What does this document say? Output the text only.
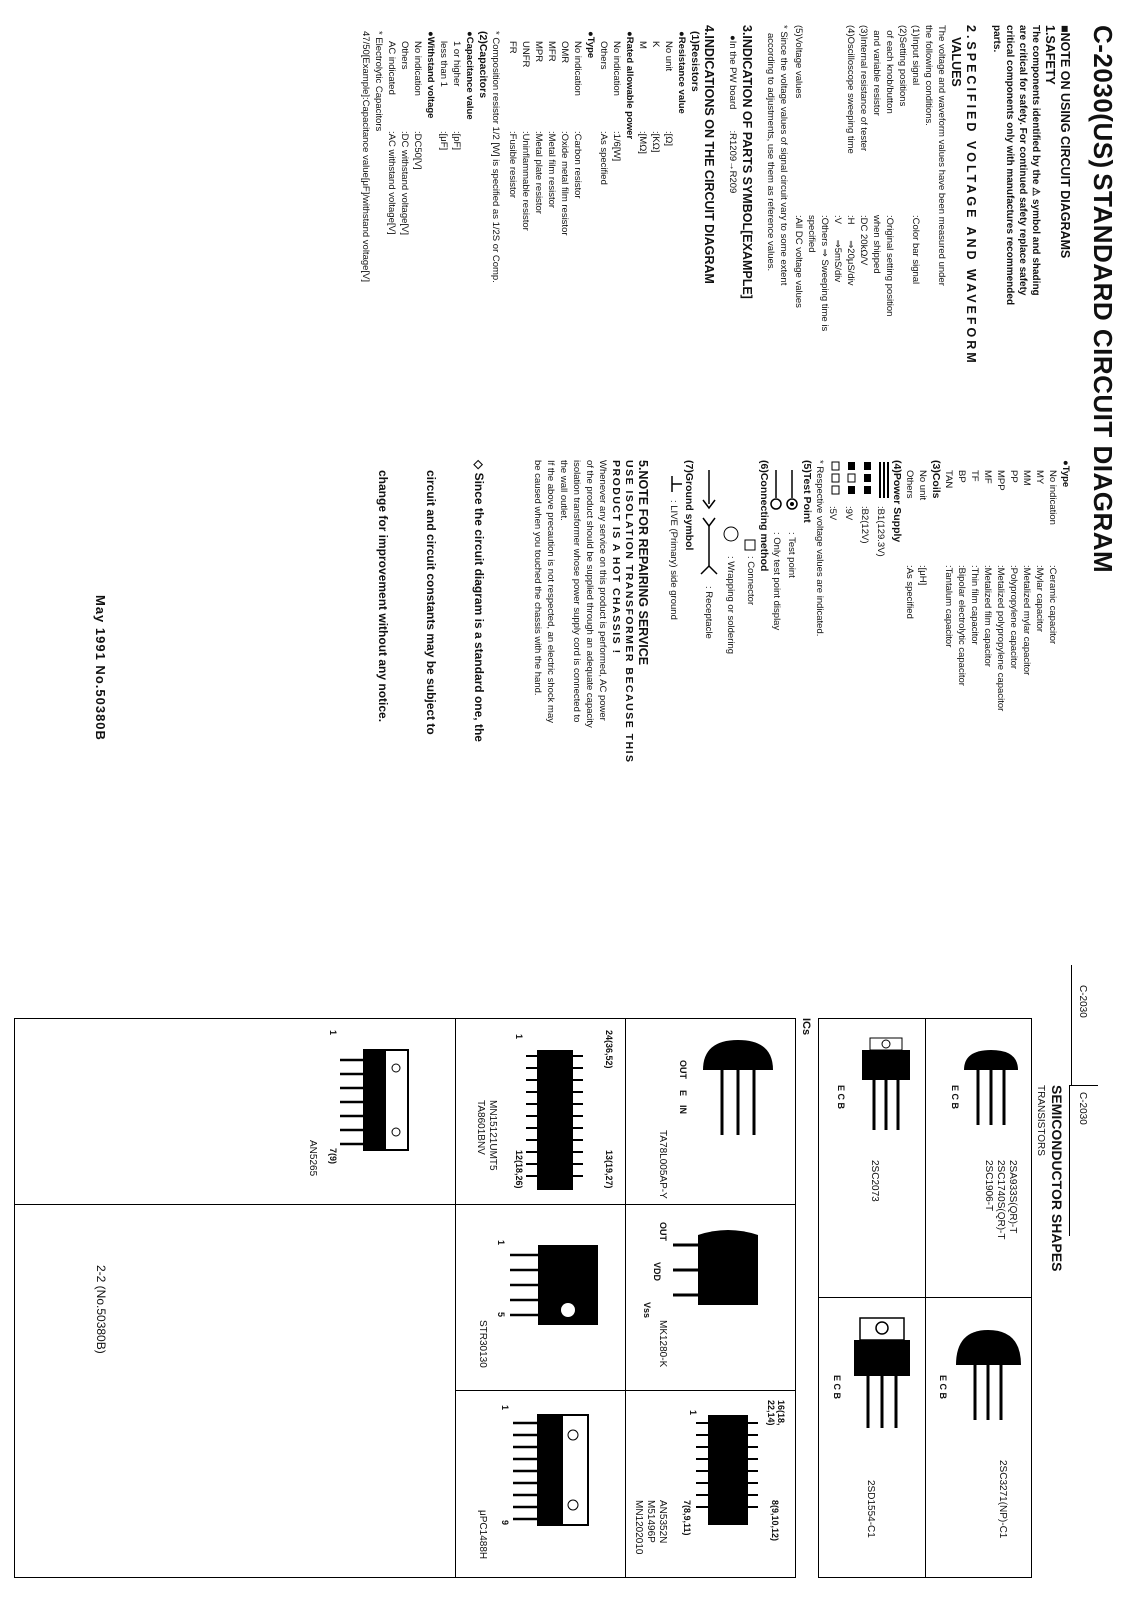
C-2030(US) STANDARD CIRCUIT DIAGRAM
■NOTE ON USING CIRCUIT DIAGRAMS
1.SAFETY
The components identified by the ⚠ symbol and shading
are critical for safety. For continued safety replace safety
critical components only with manufactures recommended
parts.
2.SPECIFIED VOLTAGE AND WAVEFORM
VALUES
The voltage and waveform values have been measured under
the following conditions.
(1)Input signal:Color bar signal
(2)Setting positions
of each knob/button:Original setting position
and variable resistorwhen shipped
(3)Internal resistance of tester:DC 20kΩ/V
(4)Oscilloscope sweeping time:H      ⇒20μS/div
:V      ⇒5mS/div
:Others ⇒ Sweeping time is
specified
(5)Voltage values:All DC voltage values
* Since the voltage values of signal circuit vary to some extent
according to adjustments, use them as reference values.
3.INDICATION OF PARTS SYMBOL[EXAMPLE]
●In the PW board        :R1209→R209
4.INDICATIONS ON THE CIRCUIT DIAGRAM
(1)Resistors
●Resistance value
No unit:[Ω]
K:[KΩ]
M:[MΩ]
●Rated allowable power
No indication:1/6[W]
Others:As specified
●Type
No indication:Carbon resistor
OMR:Oxide metal film resistor
MFR:Metal film resistor
MPR:Metal plate resistor
UNFR:Uninflammable resistor
FR:Fusible resistor
* Composition resistor 1/2 [W] is specified as 1/2S or Comp.
(2)Capacitors
●Capacitance value
1 or higher:[pF]
less than 1:[μF]
●Withstand voltage
No indication:DC50[V]
Others:DC withstand voltage[V]
AC indicated:AC withstand voltage[V]
* Electrolytic Capacitors
47/50[Example]:Capacitance value[μF]/withstand voltage[V]
●Type
No indication:Ceramic capacitor
MY:Mylar capacitor
MM:Metalized mylar capacitor
PP:Polypropylene capacitor
MPP:Metalized polypropylene capacitor
MF:Metalized film capacitor
TF:Thin film capacitor
BP:Bipolar electrolytic capacitor
TAN:Tantalum capacitor
(3)Coils
No unit:[μH]
Others:As specified
(4)Power Supply
:B1(129.3V)
:B2(12V)
:9V
:5V
* Respective voltage values are indicated.
(5)Test Point
: Test point
: Only test point display
(6)Connecting method
: Connector
: Wrapping or soldering
: Receptacle
(7)Ground symbol
: LIVE (Primary) side ground
5.NOTE FOR REPAIRING SERVICE
USE ISOLATION TRANSFORMER BECAUSE THIS
PRODUCT IS A HOT CHASSIS !
Whenever any service on this product is performed, AC power
of the product should be supplied through an adequate capacity
isolation transformer whose power supply cord is connected to
the wall outlet.
If the above precaution is not respected, an electric shock may
be caused when you touched the chassis with the hand.

◇ Since the circuit diagram is a standard one, the

circuit and circuit constants may be subject to

change for improvement without any notice.

May 1991 No.50380B
C-2030
C-2030
SEMICONDUCTOR SHAPES
TRANSISTORS
ICs
E C B
2SA933S(QR)-T
2SC1740S(QR)-T
2SC1906-T
E C B
2SC3271(NP)-C1
E C B
2SC2073
E C B
2SD1554-C1
OUT
E
IN
TA78L005AP-Y
OUT
VDD
Vss
MK1280-K
16(18,
22,14)
1
8(9,10,12)
7(8,9,11)
AN5352N
M51496P
MN1202010
24(36,52)
1
13(19,27)
12(18,26)
MN15121UMT5
TA8601BNV
1
5
STR30130
1
9
μPC1488H
1
7(9)
AN5265
2-2 (No.50380B)
